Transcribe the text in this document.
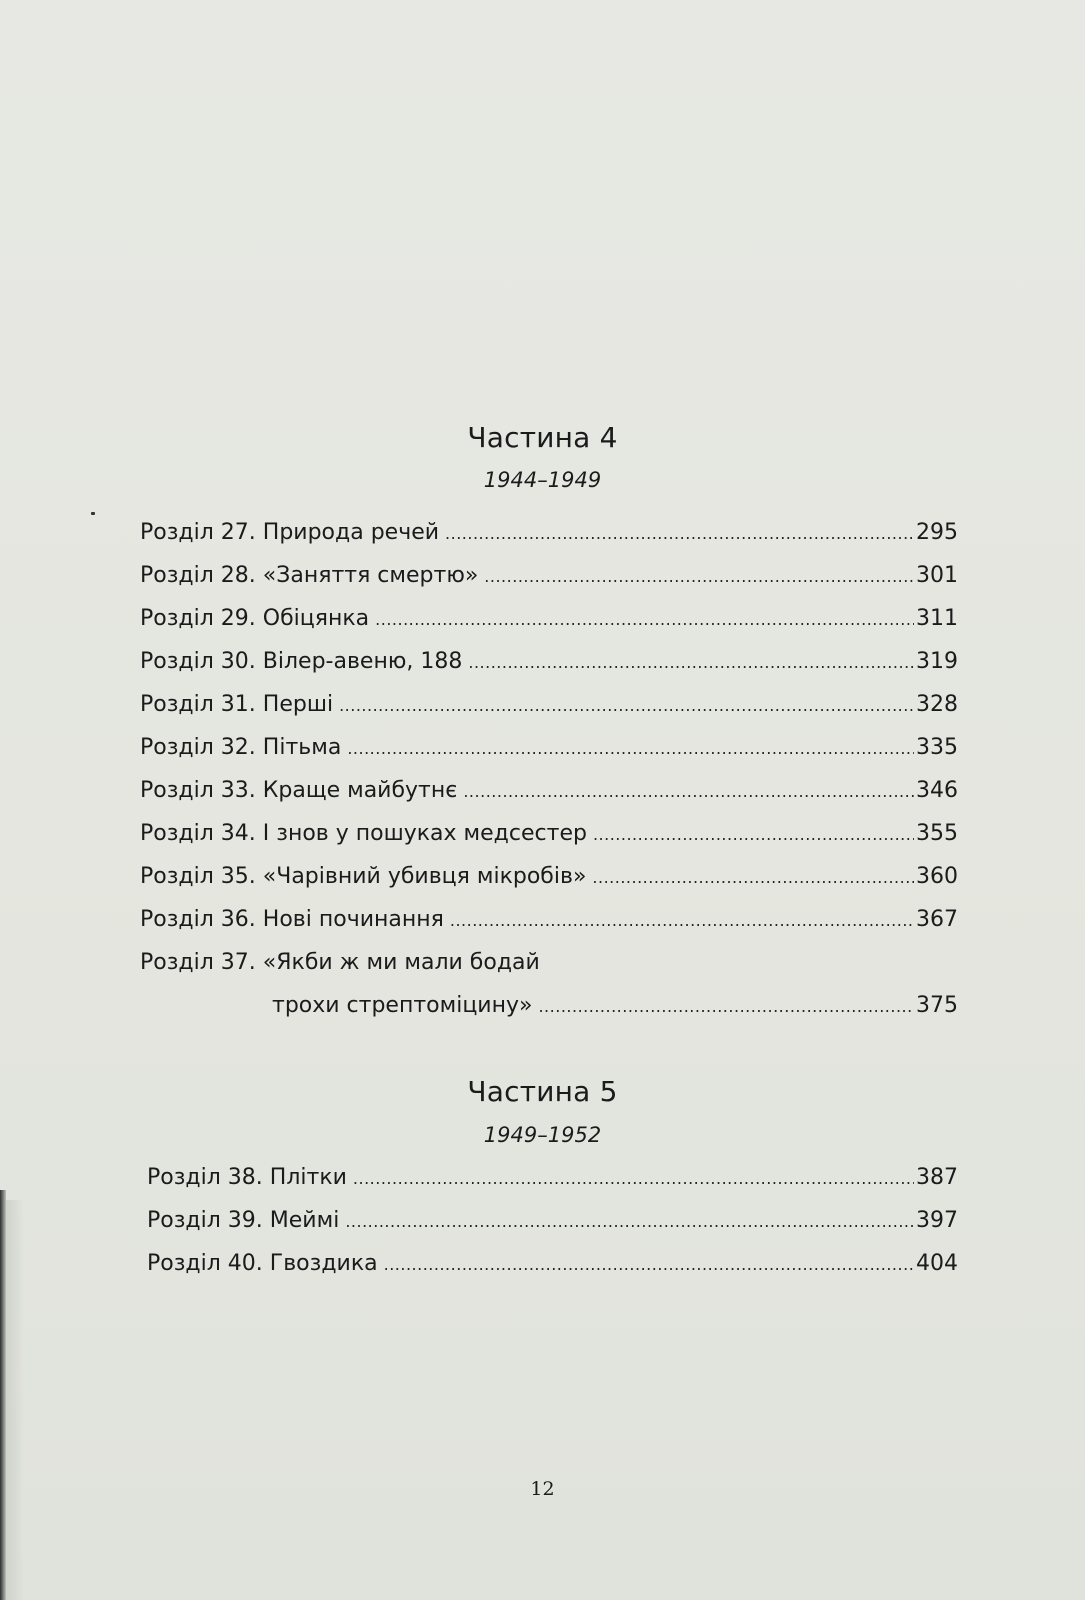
Частина 4
1944–1949
Розділ 27. Природа речей .....	295
Розділ 28. «Заняття смертю» .....	301
Розділ 29. Обіцянка .....	311
Розділ 30. Вілер-авеню, 188 .....	319
Розділ 31. Перші .....	328
Розділ 32. Пітьма .....	335
Розділ 33. Краще майбутнє .....	346
Розділ 34. І знов у пошуках медсестер .....	355
Розділ 35. «Чарівний убивця мікробів» .....	360
Розділ 36. Нові починання .....	367
Розділ 37. «Якби ж ми мали бодай
трохи стрептоміцину» .....	375
Частина 5
1949–1952
Розділ 38. Плітки .....	387
Розділ 39. Меймі .....	397
Розділ 40. Гвоздика .....	404
12
